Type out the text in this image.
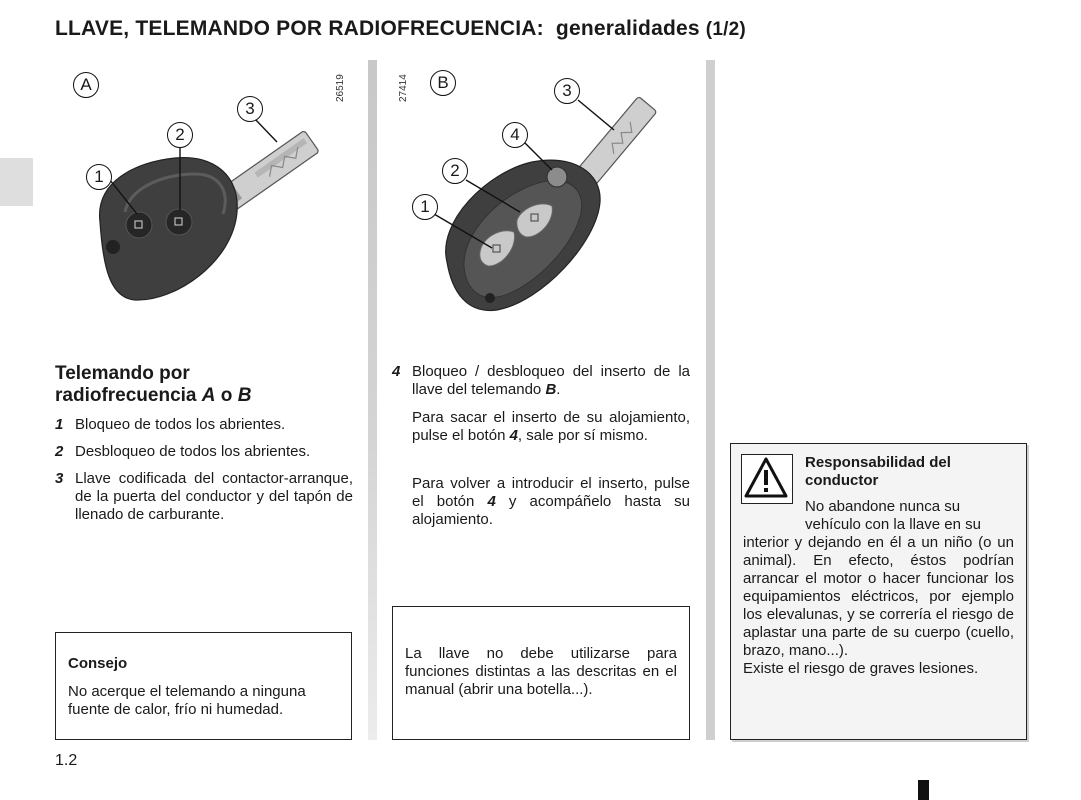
LLAVE, TELEMANDO POR RADIOFRECUENCIA: generalidades (1/2)
A
1
2
3
26519	B
1
2
3
4
27414
Telemando por
radiofrecuencia A o B
1 Bloqueo de todos los abrientes.
2 Desbloqueo de todos los abrientes.
3 Llave codificada del contactor-arranque, de la puerta del conductor y del tapón de llenado de carburante.
Consejo
No acerque el telemando a ninguna fuente de calor, frío ni humedad.
4 Bloqueo / desbloqueo del inserto de la llave del telemando B.
Para sacar el inserto de su alojamiento, pulse el botón 4, sale por sí mismo.
Para volver a introducir el inserto, pulse el botón 4 y acompáñelo hasta su alojamiento.
La llave no debe utilizarse para funciones distintas a las descritas en el manual (abrir una botella...).
Responsabilidad del
conductor
No abandone nunca su
vehículo con la llave en su
interior y dejando en él a un niño (o un animal). En efecto, éstos podrían arrancar el motor o hacer funcionar los equipamientos eléctricos, por ejemplo los elevalunas, y se correría el riesgo de aplastar una parte de su cuerpo (cuello, brazo, mano...).
Existe el riesgo de graves lesiones.
1.2
